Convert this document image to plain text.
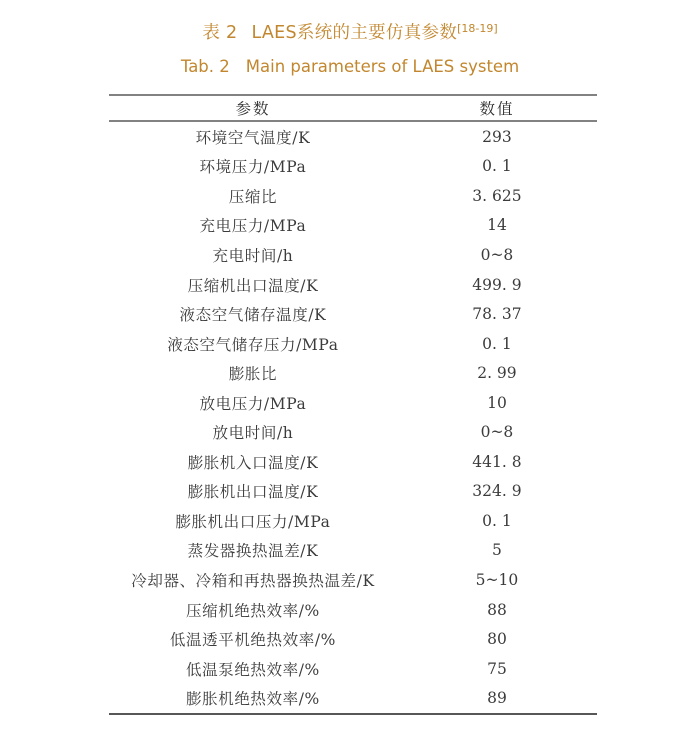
表 2 LAES系统的主要仿真参数[18-19]
Tab. 2 Main parameters of LAES system
参数	数值
环境空气温度/K	293
环境压力/MPa	0. 1
压缩比	3. 625
充电压力/MPa	14
充电时间/h	0~8
压缩机出口温度/K	499. 9
液态空气储存温度/K	78. 37
液态空气储存压力/MPa	0. 1
膨胀比	2. 99
放电压力/MPa	10
放电时间/h	0~8
膨胀机入口温度/K	441. 8
膨胀机出口温度/K	324. 9
膨胀机出口压力/MPa	0. 1
蒸发器换热温差/K	5
冷却器、冷箱和再热器换热温差/K	5~10
压缩机绝热效率/%	88
低温透平机绝热效率/%	80
低温泵绝热效率/%	75
膨胀机绝热效率/%	89
